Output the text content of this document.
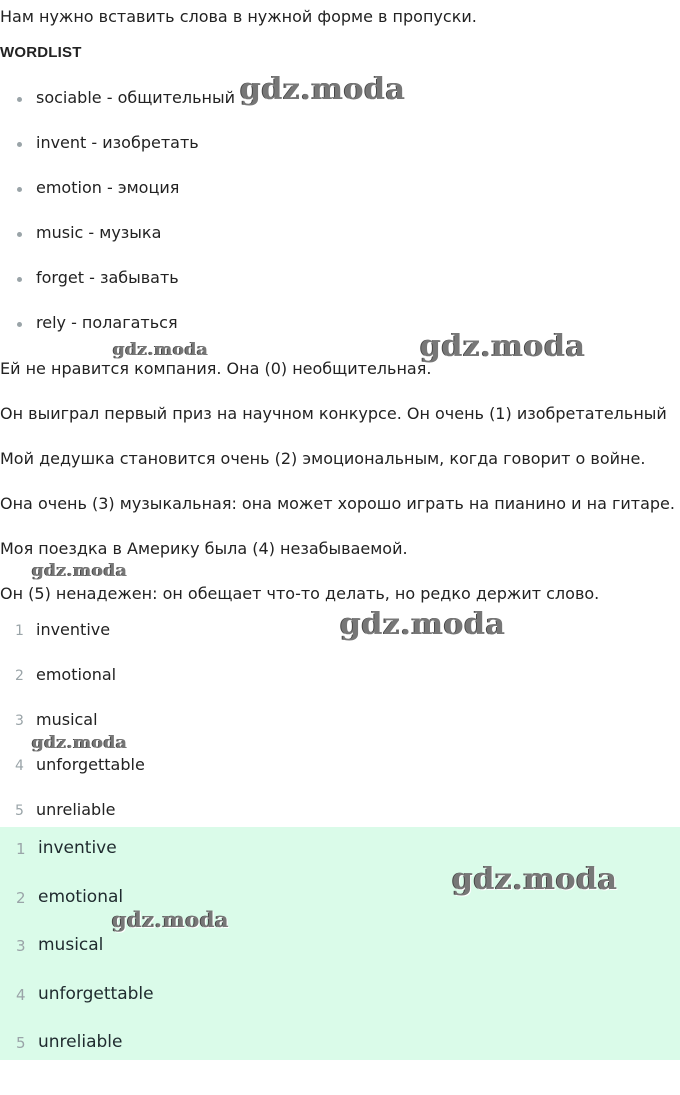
Нам нужно вставить слова в нужной форме в пропуски.

WORDLIST
sociable - общительный
invent - изобретать
emotion - эмоция
music - музыка
forget - забывать
rely - полагаться

Ей не нравится компания. Она (0) необщительная.

Он выиграл первый приз на научном конкурсе. Он очень (1) изобретательный

Мой дедушка становится очень (2) эмоциональным, когда говорит о войне.

Она очень (3) музыкальная: она может хорошо играть на пианино и на гитаре.

Моя поездка в Америку была (4) незабываемой.

Он (5) ненадежен: он обещает что-то делать, но редко держит слово.

1 inventive
2 emotional
3 musical
4 unforgettable
5 unreliable
1 inventive
2 emotional
3 musical
4 unforgettable
5 unreliable
gdz.moda
gdz.moda	gdz.moda
gdz.moda
gdz.moda
gdz.moda
gdz.moda
gdz.moda
